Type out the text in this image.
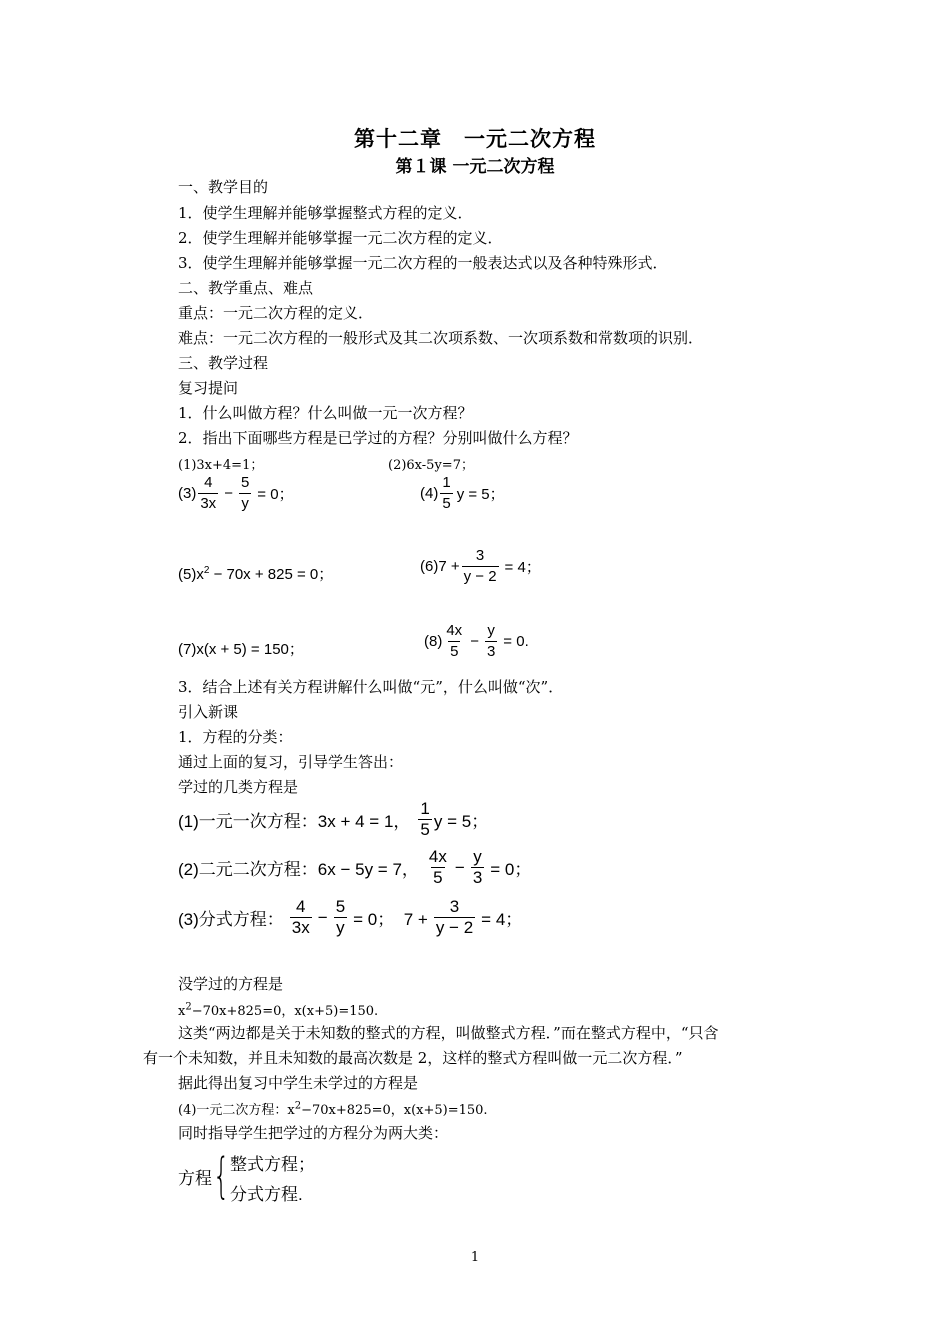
第十二章　一元二次方程
第１课 一元二次方程
一、教学目的
1．使学生理解并能够掌握整式方程的定义．
2．使学生理解并能够掌握一元二次方程的定义．
3．使学生理解并能够掌握一元二次方程的一般表达式以及各种特殊形式．
二、教学重点、难点
重点：一元二次方程的定义．
难点：一元二次方程的一般形式及其二次项系数、一次项系数和常数项的识别．
三、教学过程
复习提问
1．什么叫做方程？什么叫做一元一次方程？
2．指出下面哪些方程是已学过的方程？分别叫做什么方程？
(1)3x+4=1；	(2)6x-5y=7；
$(3) \frac{4}{3x} - \frac{5}{y} = 0$；	$(4) \frac{1}{5}$ y = 5；
$(5)x^2 - 70x + 825 = 0$；	$(6)7 + \frac{3}{y - 2} = 4$；
(7)x(x + 5) = 150；	$(8) \frac{4x}{5} - \frac{y}{3} = 0$.
3．结合上述有关方程讲解什么叫做“元”，什么叫做“次”．
引入新课
1．方程的分类：
通过上面的复习，引导学生答出：
学过的几类方程是
(1)一元一次方程： 3x + 4 = 1， $\frac{1}{5}$ y = 5；
(2)二元二次方程： 6x − 5y = 7， $\frac{4x}{5} - \frac{y}{3} = 0$；
(3)分式方程： $\frac{4}{3x} - \frac{5}{y} = 0$；  $7 + \frac{3}{y - 2} = 4$；
没学过的方程是
$x^2-70x+825=0$，x(x+5)=150.
这类“两边都是关于未知数的整式的方程，叫做整式方程．”而在整式方程中，“只含
有一个未知数，并且未知数的最高次数是 2，这样的整式方程叫做一元二次方程．”
据此得出复习中学生未学过的方程是
(4)一元二次方程：$x^2-70x+825=0$，x(x+5)=150.
同时指导学生把学过的方程分为两大类：
方程 { 整式方程；
分式方程.
1
